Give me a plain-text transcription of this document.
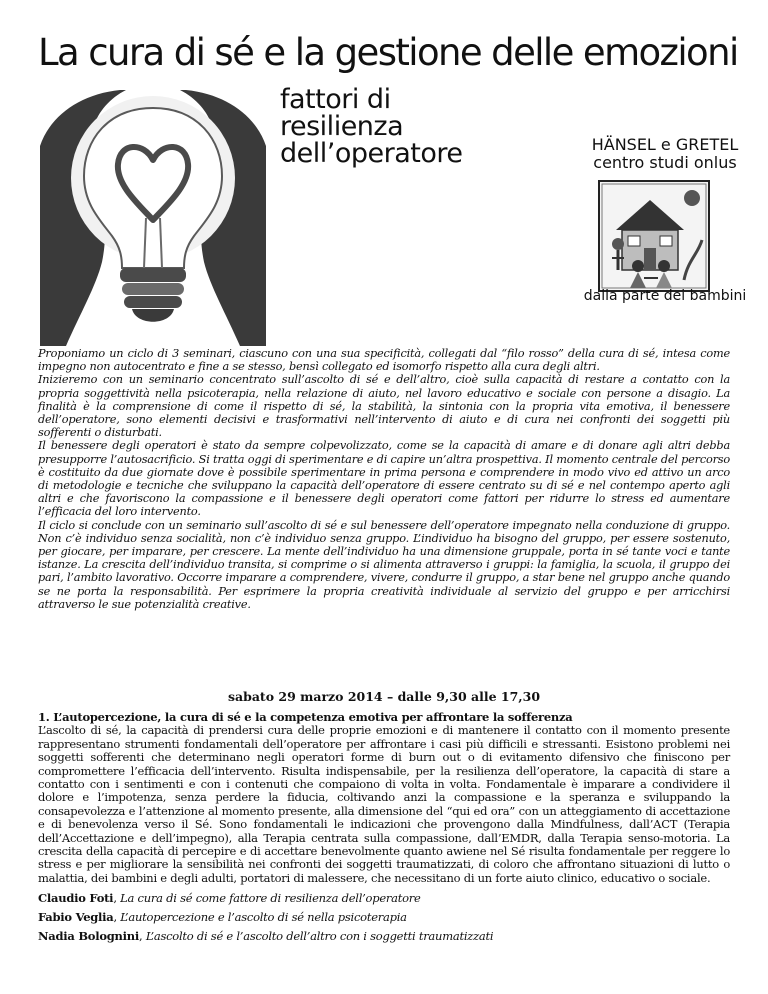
La cura di sé e la gestione delle emozioni
fattori di
resilienza
dell’operatore	HÄNSEL e GRETEL
centro studi onlus
dalla parte dei bambini

Proponiamo un ciclo di 3 seminari, ciascuno con una sua specificità, collegati dal “filo rosso” della cura di sé, intesa come impegno non autocentrato e fine a se stesso, bensì collegato ed isomorfo rispetto alla cura degli altri.

Inizieremo con un seminario concentrato sull’ascolto di sé e dell’altro, cioè sulla capacità di restare a contatto con la propria soggettività nella psicoterapia, nella relazione di aiuto, nel lavoro educativo e sociale con persone a disagio. La finalità è la comprensione di come il rispetto di sé, la stabilità, la sintonia con la propria vita emotiva, il benessere dell’operatore, sono elementi decisivi e trasformativi nell’intervento di aiuto e di cura nei confronti dei soggetti più sofferenti o disturbati.

Il benessere degli operatori è stato da sempre colpevolizzato, come se la capacità di amare e di donare agli altri debba presupporre l’autosacrificio. Si tratta oggi di sperimentare e di capire un’altra prospettiva. Il momento centrale del percorso è costituito da due giornate dove è possibile sperimentare in prima persona e comprendere in modo vivo ed attivo un arco di metodologie e tecniche che sviluppano la capacità dell’operatore di essere centrato su di sé e nel contempo aperto agli altri e che favoriscono la compassione e il benessere degli operatori come fattori per ridurre lo stress ed aumentare l’efficacia del loro intervento.

Il ciclo si conclude con un seminario sull’ascolto di sé e sul benessere dell’operatore impegnato nella conduzione di gruppo. Non c’è individuo senza socialità, non c’è individuo senza gruppo. L’individuo ha bisogno del gruppo, per essere sostenuto, per giocare, per imparare, per crescere. La mente dell’individuo ha una dimensione gruppale, porta in sé tante voci e tante istanze. La crescita dell’individuo transita, si comprime o si alimenta attraverso i gruppi: la famiglia, la scuola, il gruppo dei pari, l’ambito lavorativo. Occorre imparare a comprendere, vivere, condurre il gruppo, a star bene nel gruppo anche quando se ne porta la responsabilità. Per esprimere la propria creatività individuale al servizio del gruppo e per arricchirsi attraverso le sue potenzialità creative.

sabato 29 marzo 2014 – dalle 9,30 alle 17,30

1. L’autopercezione, la cura di sé e la competenza emotiva per affrontare la sofferenza

L’ascolto di sé, la capacità di prendersi cura delle proprie emozioni e di mantenere il contatto con il momento presente rappresentano strumenti fondamentali dell’operatore per affrontare i casi più difficili e stressanti. Esistono problemi nei soggetti sofferenti che determinano negli operatori forme di burn out o di evitamento difensivo che finiscono per compromettere l’efficacia dell’intervento. Risulta indispensabile, per la resilienza dell’operatore, la capacità di stare a contatto con i sentimenti e con i contenuti che compaiono di volta in volta. Fondamentale è imparare a condividere il dolore e l’impotenza, senza perdere la fiducia, coltivando anzi la compassione e la speranza e sviluppando la consapevolezza e l’attenzione al momento presente, alla dimensione del “qui ed ora” con un atteggiamento di accettazione e di benevolenza verso il Sé. Sono fondamentali le indicazioni che provengono dalla Mindfulness, dall’ACT (Terapia dell’Accettazione e dell’impegno), alla Terapia centrata sulla compassione, dall’EMDR, dalla Terapia senso-motoria. La crescita della capacità di percepire e di accettare benevolmente quanto awiene nel Sé risulta fondamentale per reggere lo stress e per migliorare la sensibilità nei confronti dei soggetti traumatizzati, di coloro che affrontano situazioni di lutto o malattia, dei bambini e degli adulti, portatori di malessere, che necessitano di un forte aiuto clinico, educativo o sociale.

Claudio Foti, La cura di sé come fattore di resilienza dell’operatore

Fabio Veglia, L’autopercezione e l’ascolto di sé nella psicoterapia

Nadia Bolognini, L’ascolto di sé e l’ascolto dell’altro con i soggetti traumatizzati
